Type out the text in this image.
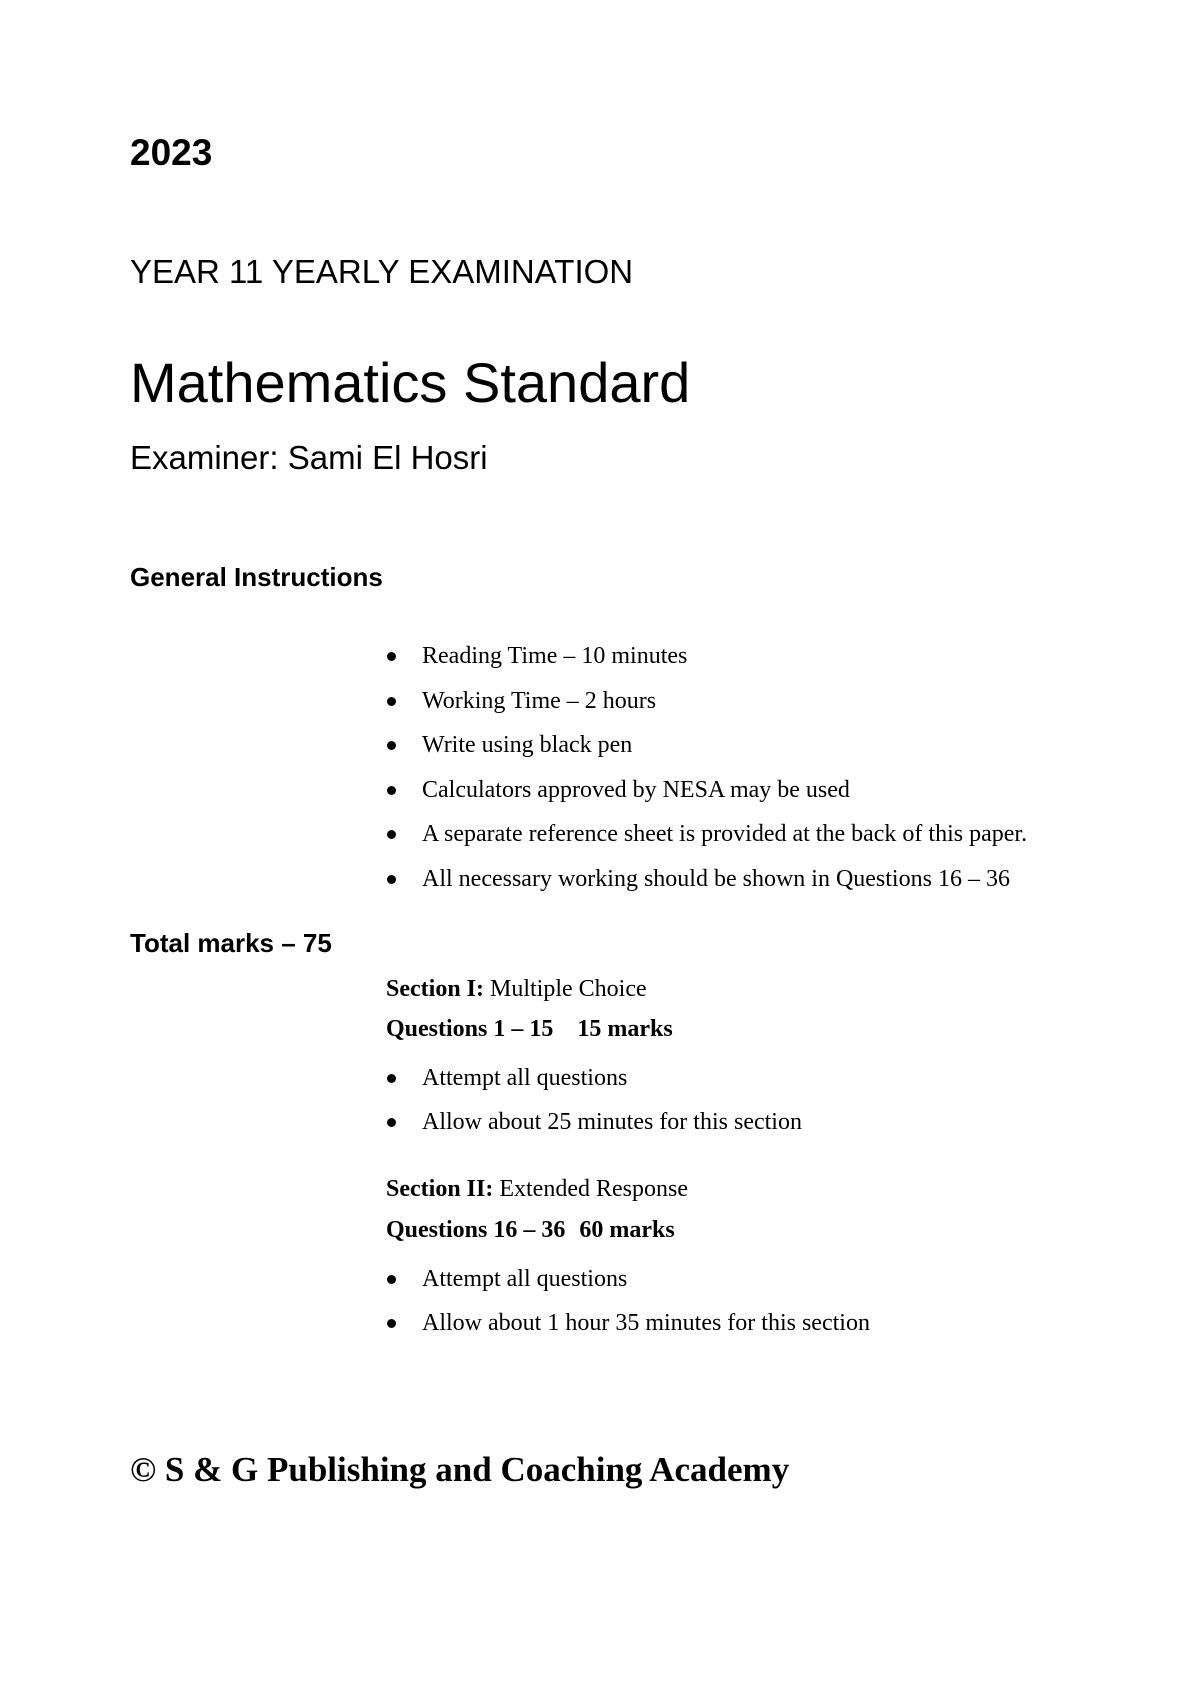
2023
YEAR 11 YEARLY EXAMINATION
Mathematics Standard
Examiner: Sami El Hosri
General Instructions
Reading Time – 10 minutes
Working Time – 2 hours
Write using black pen
Calculators approved by NESA may be used
A separate reference sheet is provided at the back of this paper.
All necessary working should be shown in Questions 16 – 36
Total marks – 75
Section I: Multiple Choice
Questions 1 – 15 15 marks
Attempt all questions
Allow about 25 minutes for this section
Section II: Extended Response
Questions 16 – 36 60 marks
Attempt all questions
Allow about 1 hour 35 minutes for this section
© S & G Publishing and Coaching Academy
